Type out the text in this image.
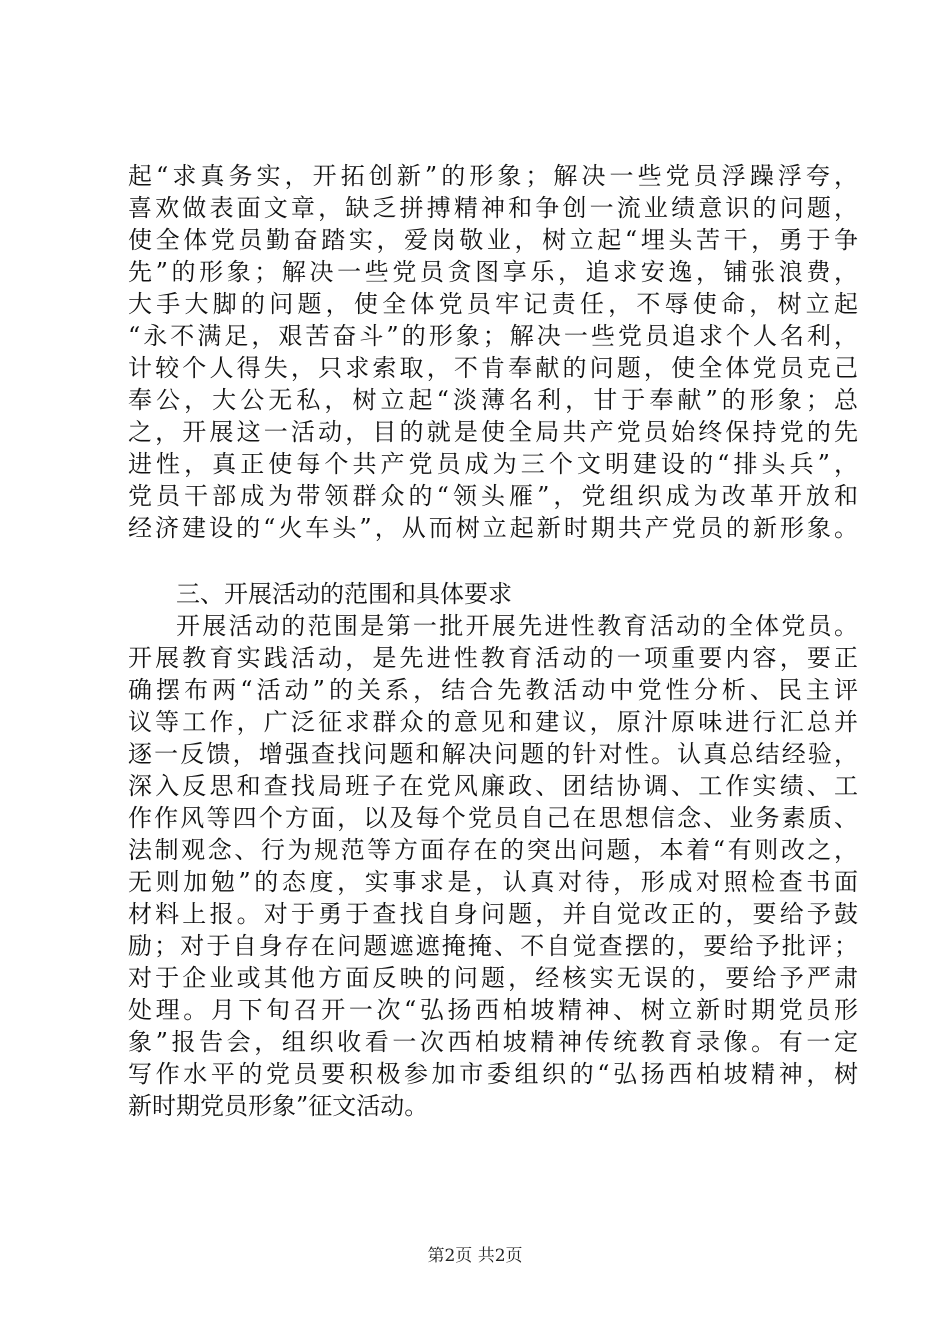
起“求真务实，开拓创新”的形象；解决一些党员浮躁浮夸，
喜欢做表面文章，缺乏拼搏精神和争创一流业绩意识的问题，
使全体党员勤奋踏实，爱岗敬业，树立起“埋头苦干，勇于争
先”的形象；解决一些党员贪图享乐，追求安逸，铺张浪费，
大手大脚的问题，使全体党员牢记责任，不辱使命，树立起
“永不满足，艰苦奋斗”的形象；解决一些党员追求个人名利，
计较个人得失，只求索取，不肯奉献的问题，使全体党员克己
奉公，大公无私，树立起“淡薄名利，甘于奉献”的形象；总
之，开展这一活动，目的就是使全局共产党员始终保持党的先
进性，真正使每个共产党员成为三个文明建设的“排头兵”，
党员干部成为带领群众的“领头雁”，党组织成为改革开放和
经济建设的“火车头”，从而树立起新时期共产党员的新形象。
三、开展活动的范围和具体要求
开展活动的范围是第一批开展先进性教育活动的全体党员。
开展教育实践活动，是先进性教育活动的一项重要内容，要正
确摆布两“活动”的关系，结合先教活动中党性分析、民主评
议等工作，广泛征求群众的意见和建议，原汁原味进行汇总并
逐一反馈，增强查找问题和解决问题的针对性。认真总结经验，
深入反思和查找局班子在党风廉政、团结协调、工作实绩、工
作作风等四个方面，以及每个党员自己在思想信念、业务素质、
法制观念、行为规范等方面存在的突出问题，本着“有则改之，
无则加勉”的态度，实事求是，认真对待，形成对照检查书面
材料上报。对于勇于查找自身问题，并自觉改正的，要给予鼓
励；对于自身存在问题遮遮掩掩、不自觉查摆的，要给予批评；
对于企业或其他方面反映的问题，经核实无误的，要给予严肃
处理。月下旬召开一次“弘扬西柏坡精神、树立新时期党员形
象”报告会，组织收看一次西柏坡精神传统教育录像。有一定
写作水平的党员要积极参加市委组织的“弘扬西柏坡精神，树
新时期党员形象”征文活动。
第2页 共2页
